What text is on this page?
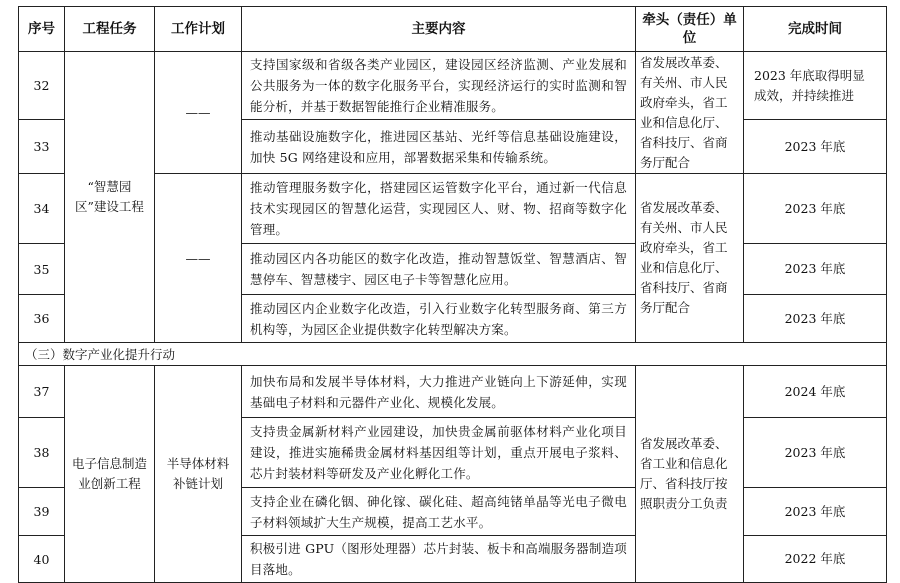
序号	工程任务	工作计划	主要内容	牵头（责任）单位	完成时间
32	“智慧园区”建设工程	——	支持国家级和省级各类产业园区，建设园区经济监测、产业发展和公共服务为一体的数字化服务平台，实现经济运行的实时监测和智能分析，并基于数据智能推行企业精准服务。	省发展改革委、有关州、市人民政府牵头，省工业和信息化厅、省科技厅、省商务厅配合	2023 年底取得明显成效，并持续推进
33			推动基础设施数字化，推进园区基站、光纤等信息基础设施建设，加快 5G 网络建设和应用，部署数据采集和传输系统。		2023 年底
34		——	推动管理服务数字化，搭建园区运管数字化平台，通过新一代信息技术实现园区的智慧化运营，实现园区人、财、物、招商等数字化管理。	省发展改革委、有关州、市人民政府牵头，省工业和信息化厅、省科技厅、省商务厅配合	2023 年底
35			推动园区内各功能区的数字化改造，推动智慧饭堂、智慧酒店、智慧停车、智慧楼宇、园区电子卡等智慧化应用。		2023 年底
36			推动园区内企业数字化改造，引入行业数字化转型服务商、第三方机构等，为园区企业提供数字化转型解决方案。		2023 年底
（三）数字产业化提升行动					
37	电子信息制造业创新工程	半导体材料补链计划	加快布局和发展半导体材料，大力推进产业链向上下游延伸，实现基础电子材料和元器件产业化、规模化发展。	省发展改革委、省工业和信息化厅、省科技厅按照职责分工负责	2024 年底
38			支持贵金属新材料产业园建设，加快贵金属前驱体材料产业化项目建设，推进实施稀贵金属材料基因组等计划，重点开展电子浆料、芯片封装材料等研发及产业化孵化工作。		2023 年底
39			支持企业在磷化铟、砷化镓、碳化硅、超高纯锗单晶等光电子微电子材料领域扩大生产规模，提高工艺水平。		2023 年底
40			积极引进 GPU（图形处理器）芯片封装、板卡和高端服务器制造项目落地。		2022 年底
